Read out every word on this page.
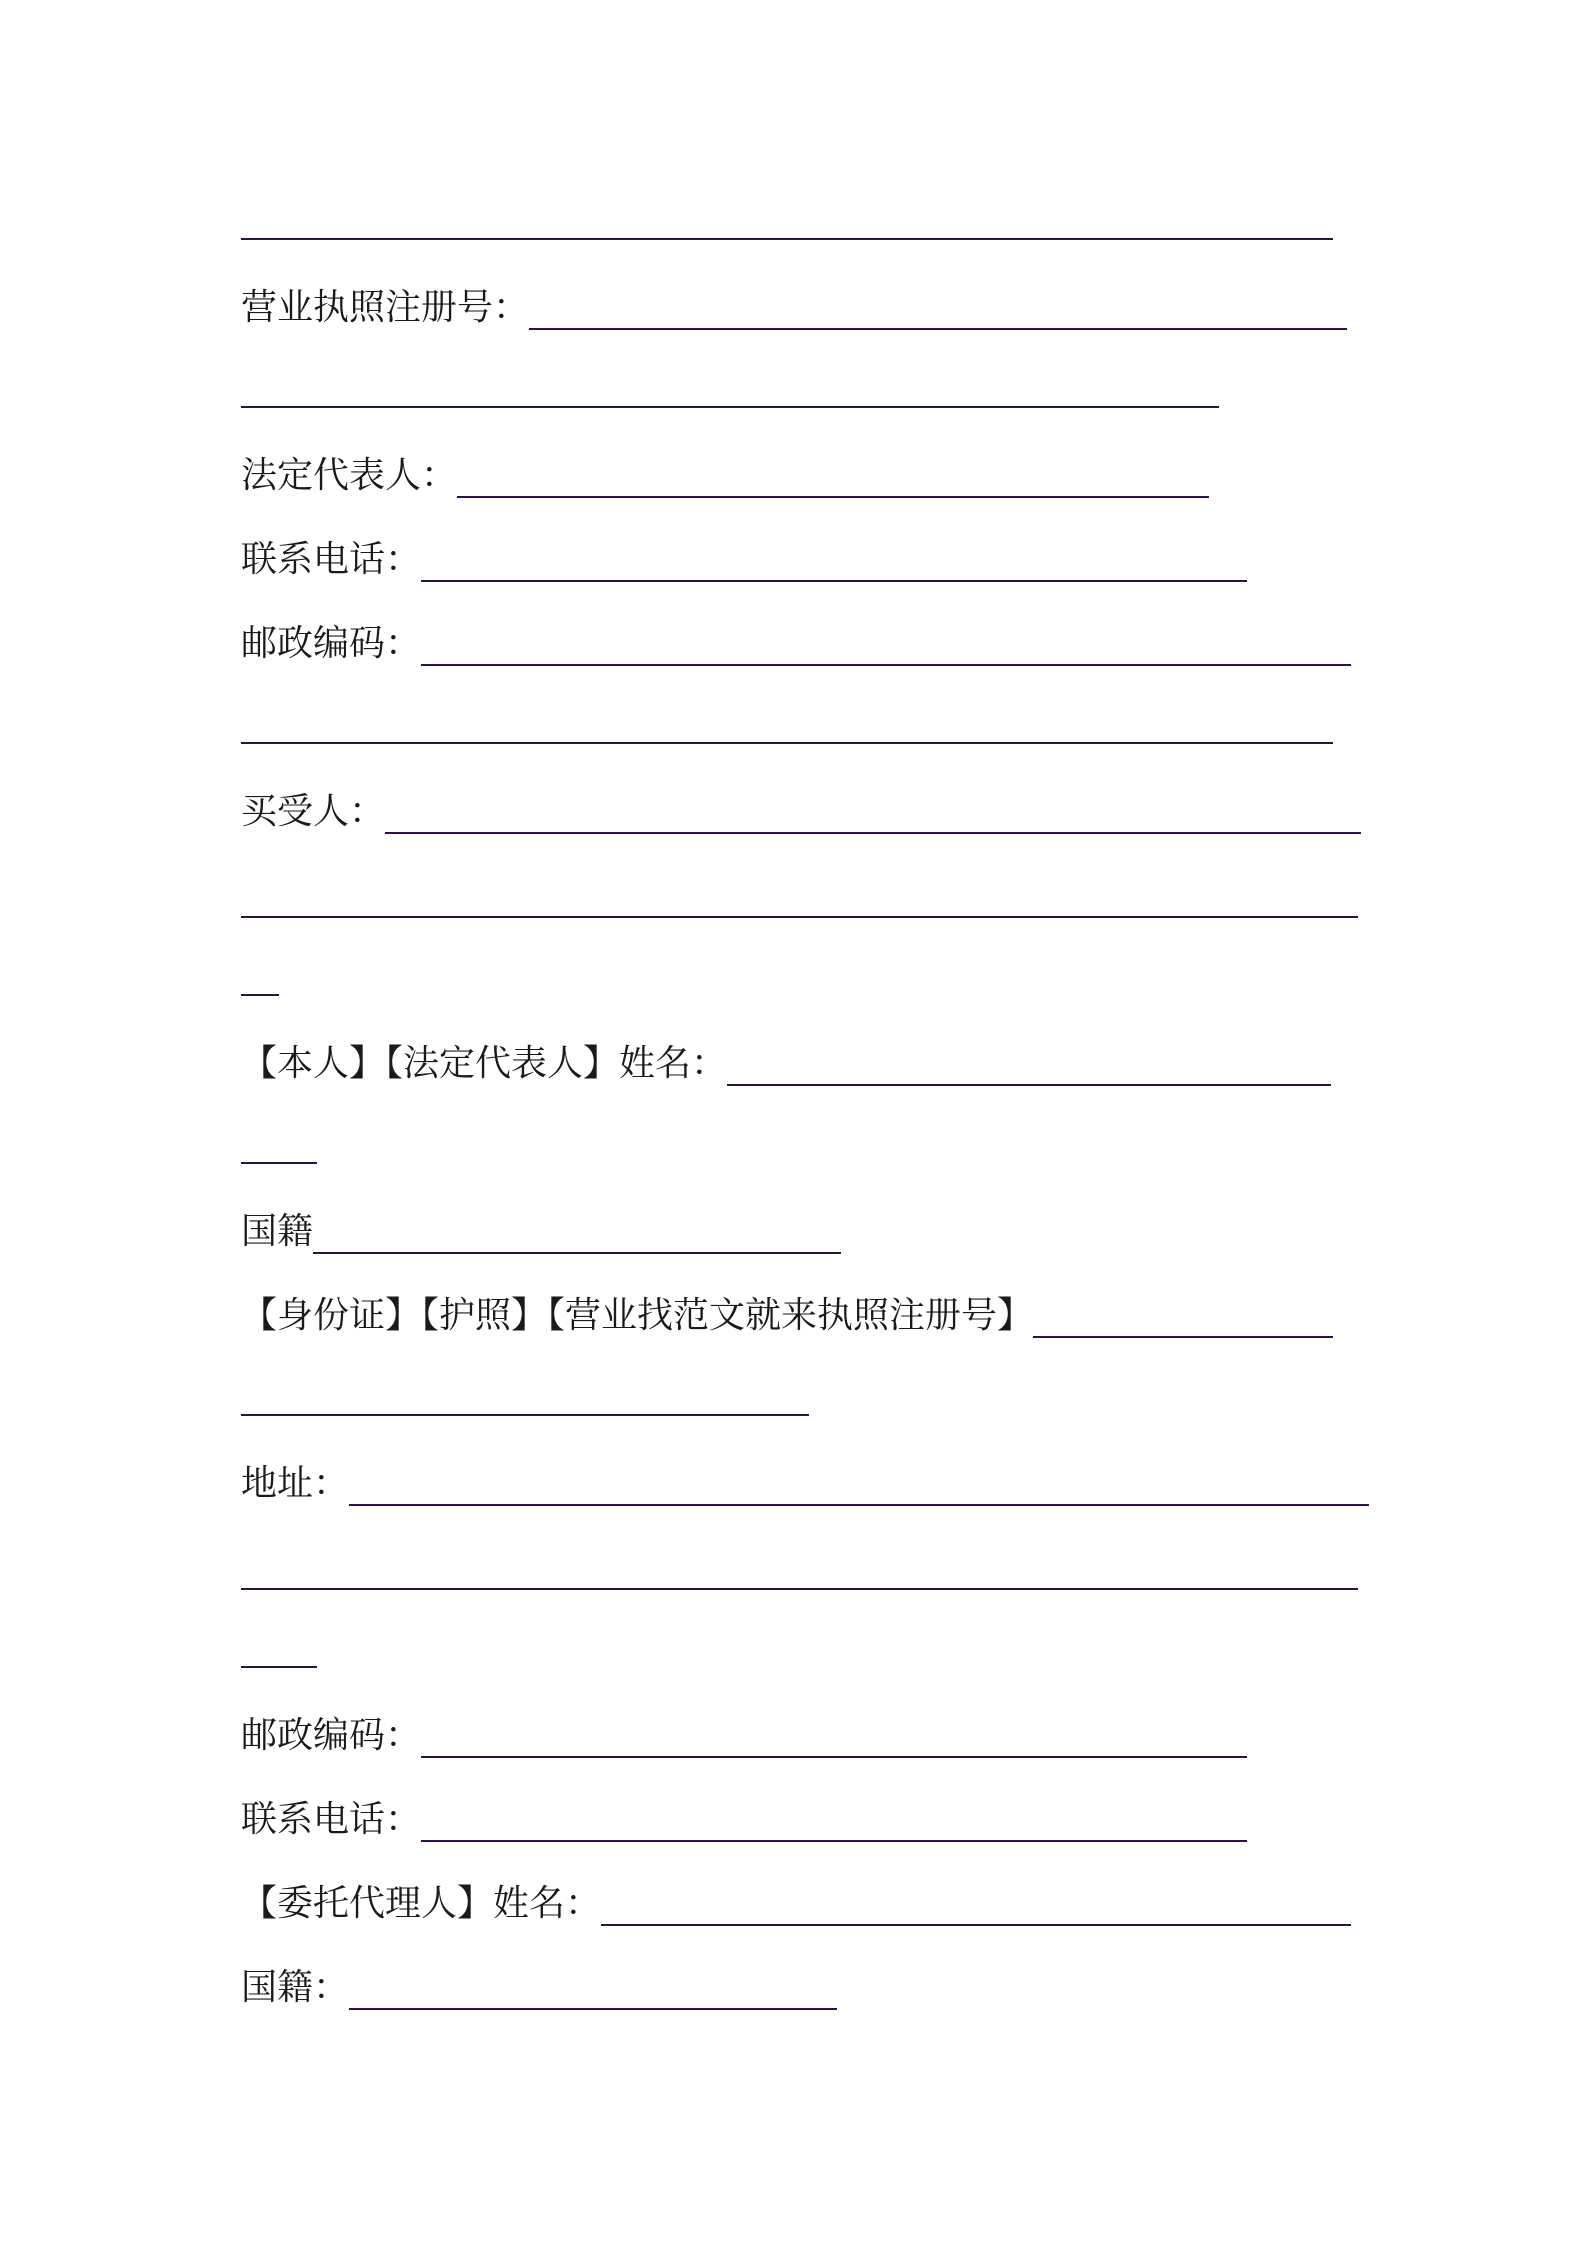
营业执照注册号：
法定代表人：
联系电话：
邮政编码：
买受人：
【本人】【法定代表人】姓名：
国籍
【身份证】【护照】【营业找范文就来执照注册号】
地址：
邮政编码：
联系电话：
【委托代理人】姓名：
国籍：
